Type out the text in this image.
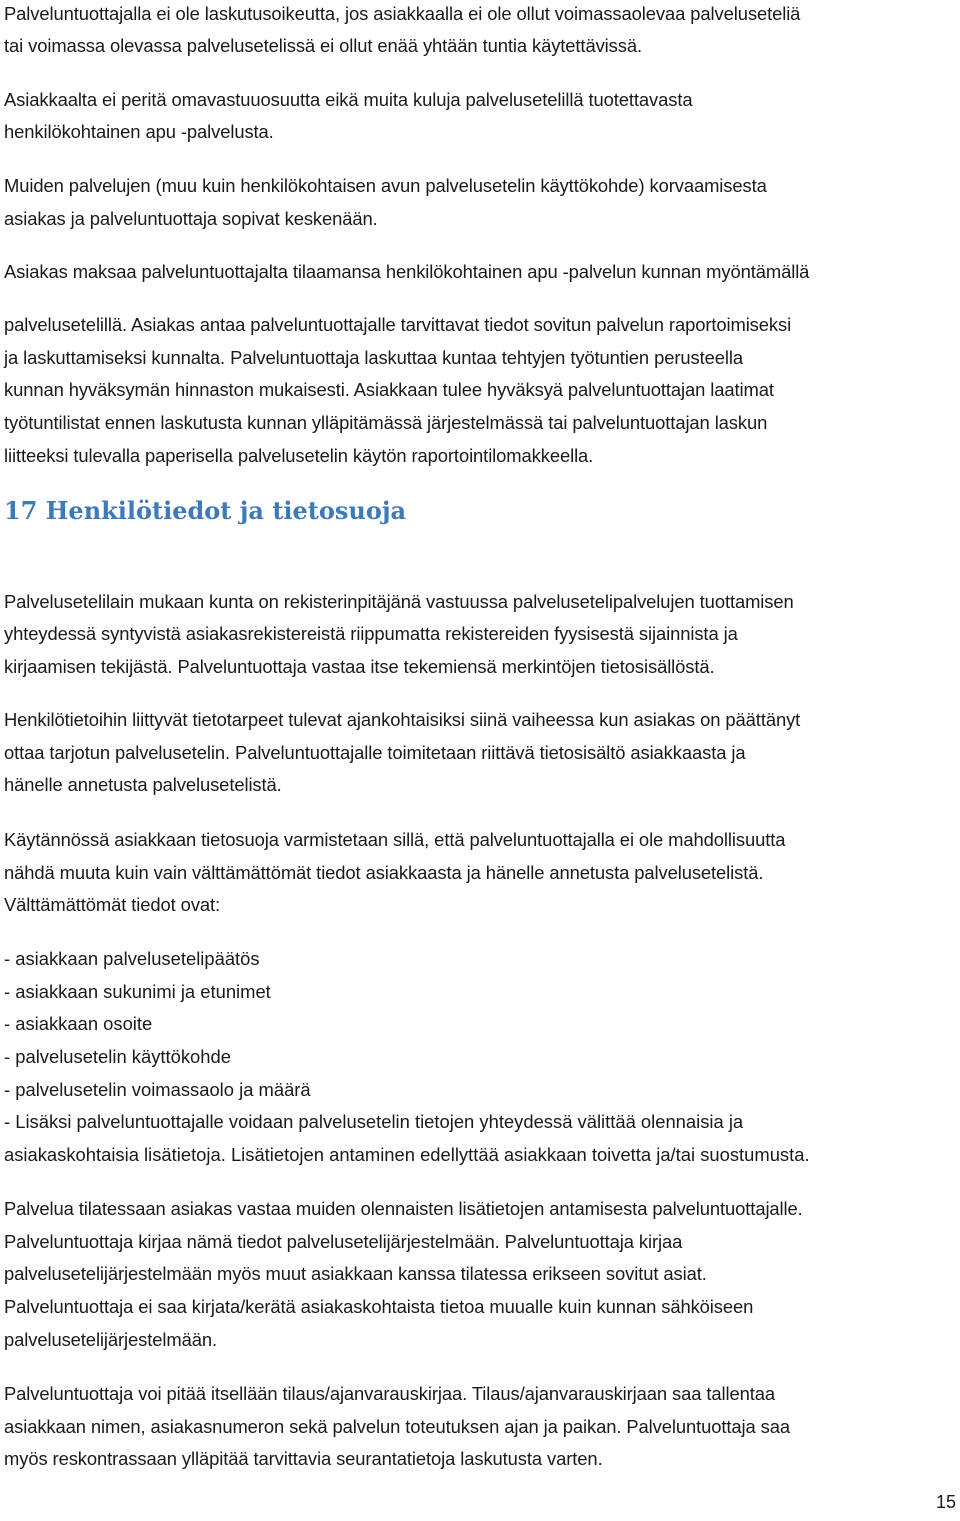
Palveluntuottajalla ei ole laskutusoikeutta, jos asiakkaalla ei ole ollut voimassaolevaa palveluseteliä

tai voimassa olevassa palvelusetelissä ei ollut enää yhtään tuntia käytettävissä.

Asiakkaalta ei peritä omavastuuosuutta eikä muita kuluja palvelusetelillä tuotettavasta

henkilökohtainen apu -palvelusta.

Muiden palvelujen (muu kuin henkilökohtaisen avun palvelusetelin käyttökohde) korvaamisesta

asiakas ja palveluntuottaja sopivat keskenään.

Asiakas maksaa palveluntuottajalta tilaamansa henkilökohtainen apu -palvelun kunnan myöntämällä

palvelusetelillä. Asiakas antaa palveluntuottajalle tarvittavat tiedot sovitun palvelun raportoimiseksi

ja laskuttamiseksi kunnalta. Palveluntuottaja laskuttaa kuntaa tehtyjen työtuntien perusteella

kunnan hyväksymän hinnaston mukaisesti. Asiakkaan tulee hyväksyä palveluntuottajan laatimat

työtuntilistat ennen laskutusta kunnan ylläpitämässä järjestelmässä tai palveluntuottajan laskun

liitteeksi tulevalla paperisella palvelusetelin käytön raportointilomakkeella.

17 Henkilötiedot ja tietosuoja

Palvelusetelilain mukaan kunta on rekisterinpitäjänä vastuussa palvelusetelipalvelujen tuottamisen

yhteydessä syntyvistä asiakasrekistereistä riippumatta rekistereiden fyysisestä sijainnista ja

kirjaamisen tekijästä. Palveluntuottaja vastaa itse tekemiensä merkintöjen tietosisällöstä.

Henkilötietoihin liittyvät tietotarpeet tulevat ajankohtaisiksi siinä vaiheessa kun asiakas on päättänyt

ottaa tarjotun palvelusetelin. Palveluntuottajalle toimitetaan riittävä tietosisältö asiakkaasta ja

hänelle annetusta palvelusetelistä.

Käytännössä asiakkaan tietosuoja varmistetaan sillä, että palveluntuottajalla ei ole mahdollisuutta

nähdä muuta kuin vain välttämättömät tiedot asiakkaasta ja hänelle annetusta palvelusetelistä.

Välttämättömät tiedot ovat:

- asiakkaan palvelusetelipäätös

- asiakkaan sukunimi ja etunimet

- asiakkaan osoite

- palvelusetelin käyttökohde

- palvelusetelin voimassaolo ja määrä

- Lisäksi palveluntuottajalle voidaan palvelusetelin tietojen yhteydessä välittää olennaisia ja

asiakaskohtaisia lisätietoja. Lisätietojen antaminen edellyttää asiakkaan toivetta ja/tai suostumusta.

Palvelua tilatessaan asiakas vastaa muiden olennaisten lisätietojen antamisesta palveluntuottajalle.

Palveluntuottaja kirjaa nämä tiedot palvelusetelijärjestelmään. Palveluntuottaja kirjaa

palvelusetelijärjestelmään myös muut asiakkaan kanssa tilatessa erikseen sovitut asiat.

Palveluntuottaja ei saa kirjata/kerätä asiakaskohtaista tietoa muualle kuin kunnan sähköiseen

palvelusetelijärjestelmään.

Palveluntuottaja voi pitää itsellään tilaus/ajanvarauskirjaa. Tilaus/ajanvarauskirjaan saa tallentaa

asiakkaan nimen, asiakasnumeron sekä palvelun toteutuksen ajan ja paikan. Palveluntuottaja saa

myös reskontrassaan ylläpitää tarvittavia seurantatietoja laskutusta varten.

15
